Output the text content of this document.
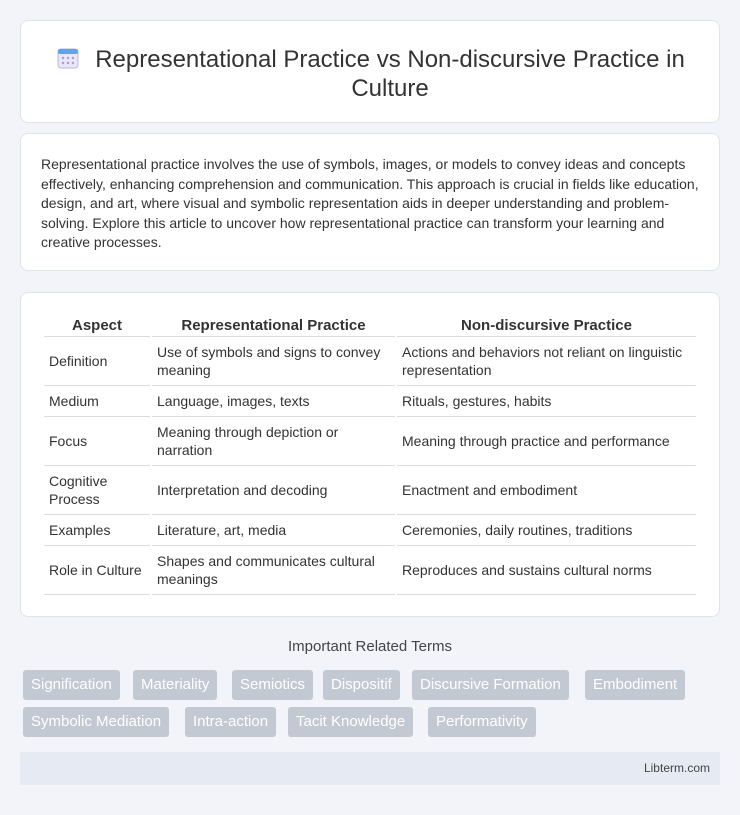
Representational Practice vs Non-discursive Practice in Culture

Representational practice involves the use of symbols, images, or models to convey ideas and concepts effectively, enhancing comprehension and communication. This approach is crucial in fields like education, design, and art, where visual and symbolic representation aids in deeper understanding and problem-solving. Explore this article to uncover how representational practice can transform your learning and creative processes.

Aspect	Representational Practice	Non-discursive Practice
Definition	Use of symbols and signs to convey meaning	Actions and behaviors not reliant on linguistic representation
Medium	Language, images, texts	Rituals, gestures, habits
Focus	Meaning through depiction or narration	Meaning through practice and performance
Cognitive Process	Interpretation and decoding	Enactment and embodiment
Examples	Literature, art, media	Ceremonies, daily routines, traditions
Role in Culture	Shapes and communicates cultural meanings	Reproduces and sustains cultural norms
Important Related Terms
Signification	Materiality	Semiotics	Dispositif	Discursive Formation	Embodiment
Symbolic Mediation	Intra-action	Tacit Knowledge	Performativity
Libterm.com
